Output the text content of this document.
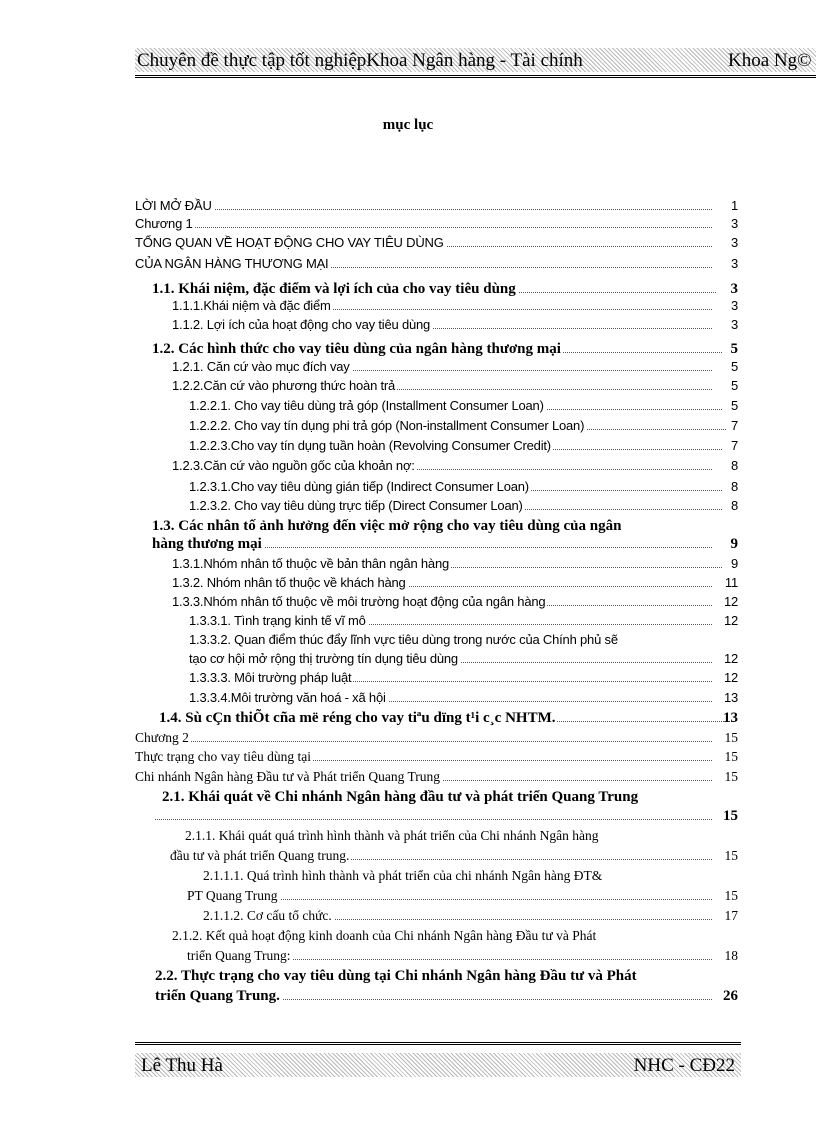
Chuyên đề thực tập tốt nghiệpKhoa Ngân hàng - Tài chính	Khoa Ng©
mục lục
LỜI MỞ ĐẦU	1
Chương 1	3
TỔNG QUAN VỀ HOẠT ĐỘNG CHO VAY TIÊU DÙNG	3
CỦA NGÂN HÀNG THƯƠNG MẠI	3
1.1. Khái niệm, đặc điểm và lợi ích của cho vay tiêu dùng	3
1.1.1.Khái niệm và đặc điểm	3
1.1.2. Lợi ích của hoạt động cho vay tiêu dùng	3
1.2. Các hình thức cho vay tiêu dùng của ngân hàng thương mại	5
1.2.1. Căn cứ vào mục đích vay	5
1.2.2.Căn cứ vào phương thức hoàn trả	5
1.2.2.1. Cho vay tiêu dùng trả góp (Installment Consumer Loan)	5
1.2.2.2. Cho vay tín dụng phi trả góp (Non-installment Consumer Loan)	7
1.2.2.3.Cho vay tín dụng tuần hoàn (Revolving Consumer Credit)	7
1.2.3.Căn cứ vào nguồn gốc của khoản nợ:	8
1.2.3.1.Cho vay tiêu dùng gián tiếp (Indirect Consumer Loan)	8
1.2.3.2. Cho vay tiêu dùng trực tiếp (Direct Consumer Loan)	8
1.3. Các nhân tố ảnh hưởng đến việc mở rộng cho vay tiêu dùng của ngân
hàng thương mại	9
1.3.1.Nhóm nhân tố thuộc về bản thân ngân hàng	9
1.3.2. Nhóm nhân tố thuộc về khách hàng	11
1.3.3.Nhóm nhân tố thuộc về môi trường hoạt động của ngân hàng	12
1.3.3.1. Tình trạng kinh tế vĩ mô	12
1.3.3.2. Quan điểm thúc đẩy lĩnh vực tiêu dùng trong nước của Chính phủ sẽ
tạo cơ hội mở rộng thị trường tín dụng tiêu dùng	12
1.3.3.3. Môi trường pháp luật	12
1.3.3.4.Môi trường văn hoá - xã hội	13
1.4. Sù cÇn thiÕt cña më réng cho vay tiªu dïng t¹i c¸c NHTM.	13
Chương 2	15
Thực trạng cho vay tiêu dùng tại	15
Chi nhánh Ngân hàng Đầu tư và Phát triển Quang Trung	15
2.1. Khái quát về Chi nhánh Ngân hàng đầu tư và phát triển Quang Trung
15
2.1.1. Khái quát quá trình hình thành và phát triển của Chi nhánh Ngân hàng
đầu tư và phát triển Quang trung.	15
2.1.1.1. Quá trình hình thành và phát triển của chi nhánh Ngân hàng ĐT&
PT Quang Trung	15
2.1.1.2. Cơ cấu tổ chức.	17
2.1.2. Kết quả hoạt động kinh doanh của Chi nhánh Ngân hàng Đầu tư và Phát
triển Quang Trung:	18
2.2. Thực trạng cho vay tiêu dùng tại Chi nhánh Ngân hàng Đầu tư và Phát
triển Quang Trung.	26
Lê Thu Hà	NHC - CĐ22
